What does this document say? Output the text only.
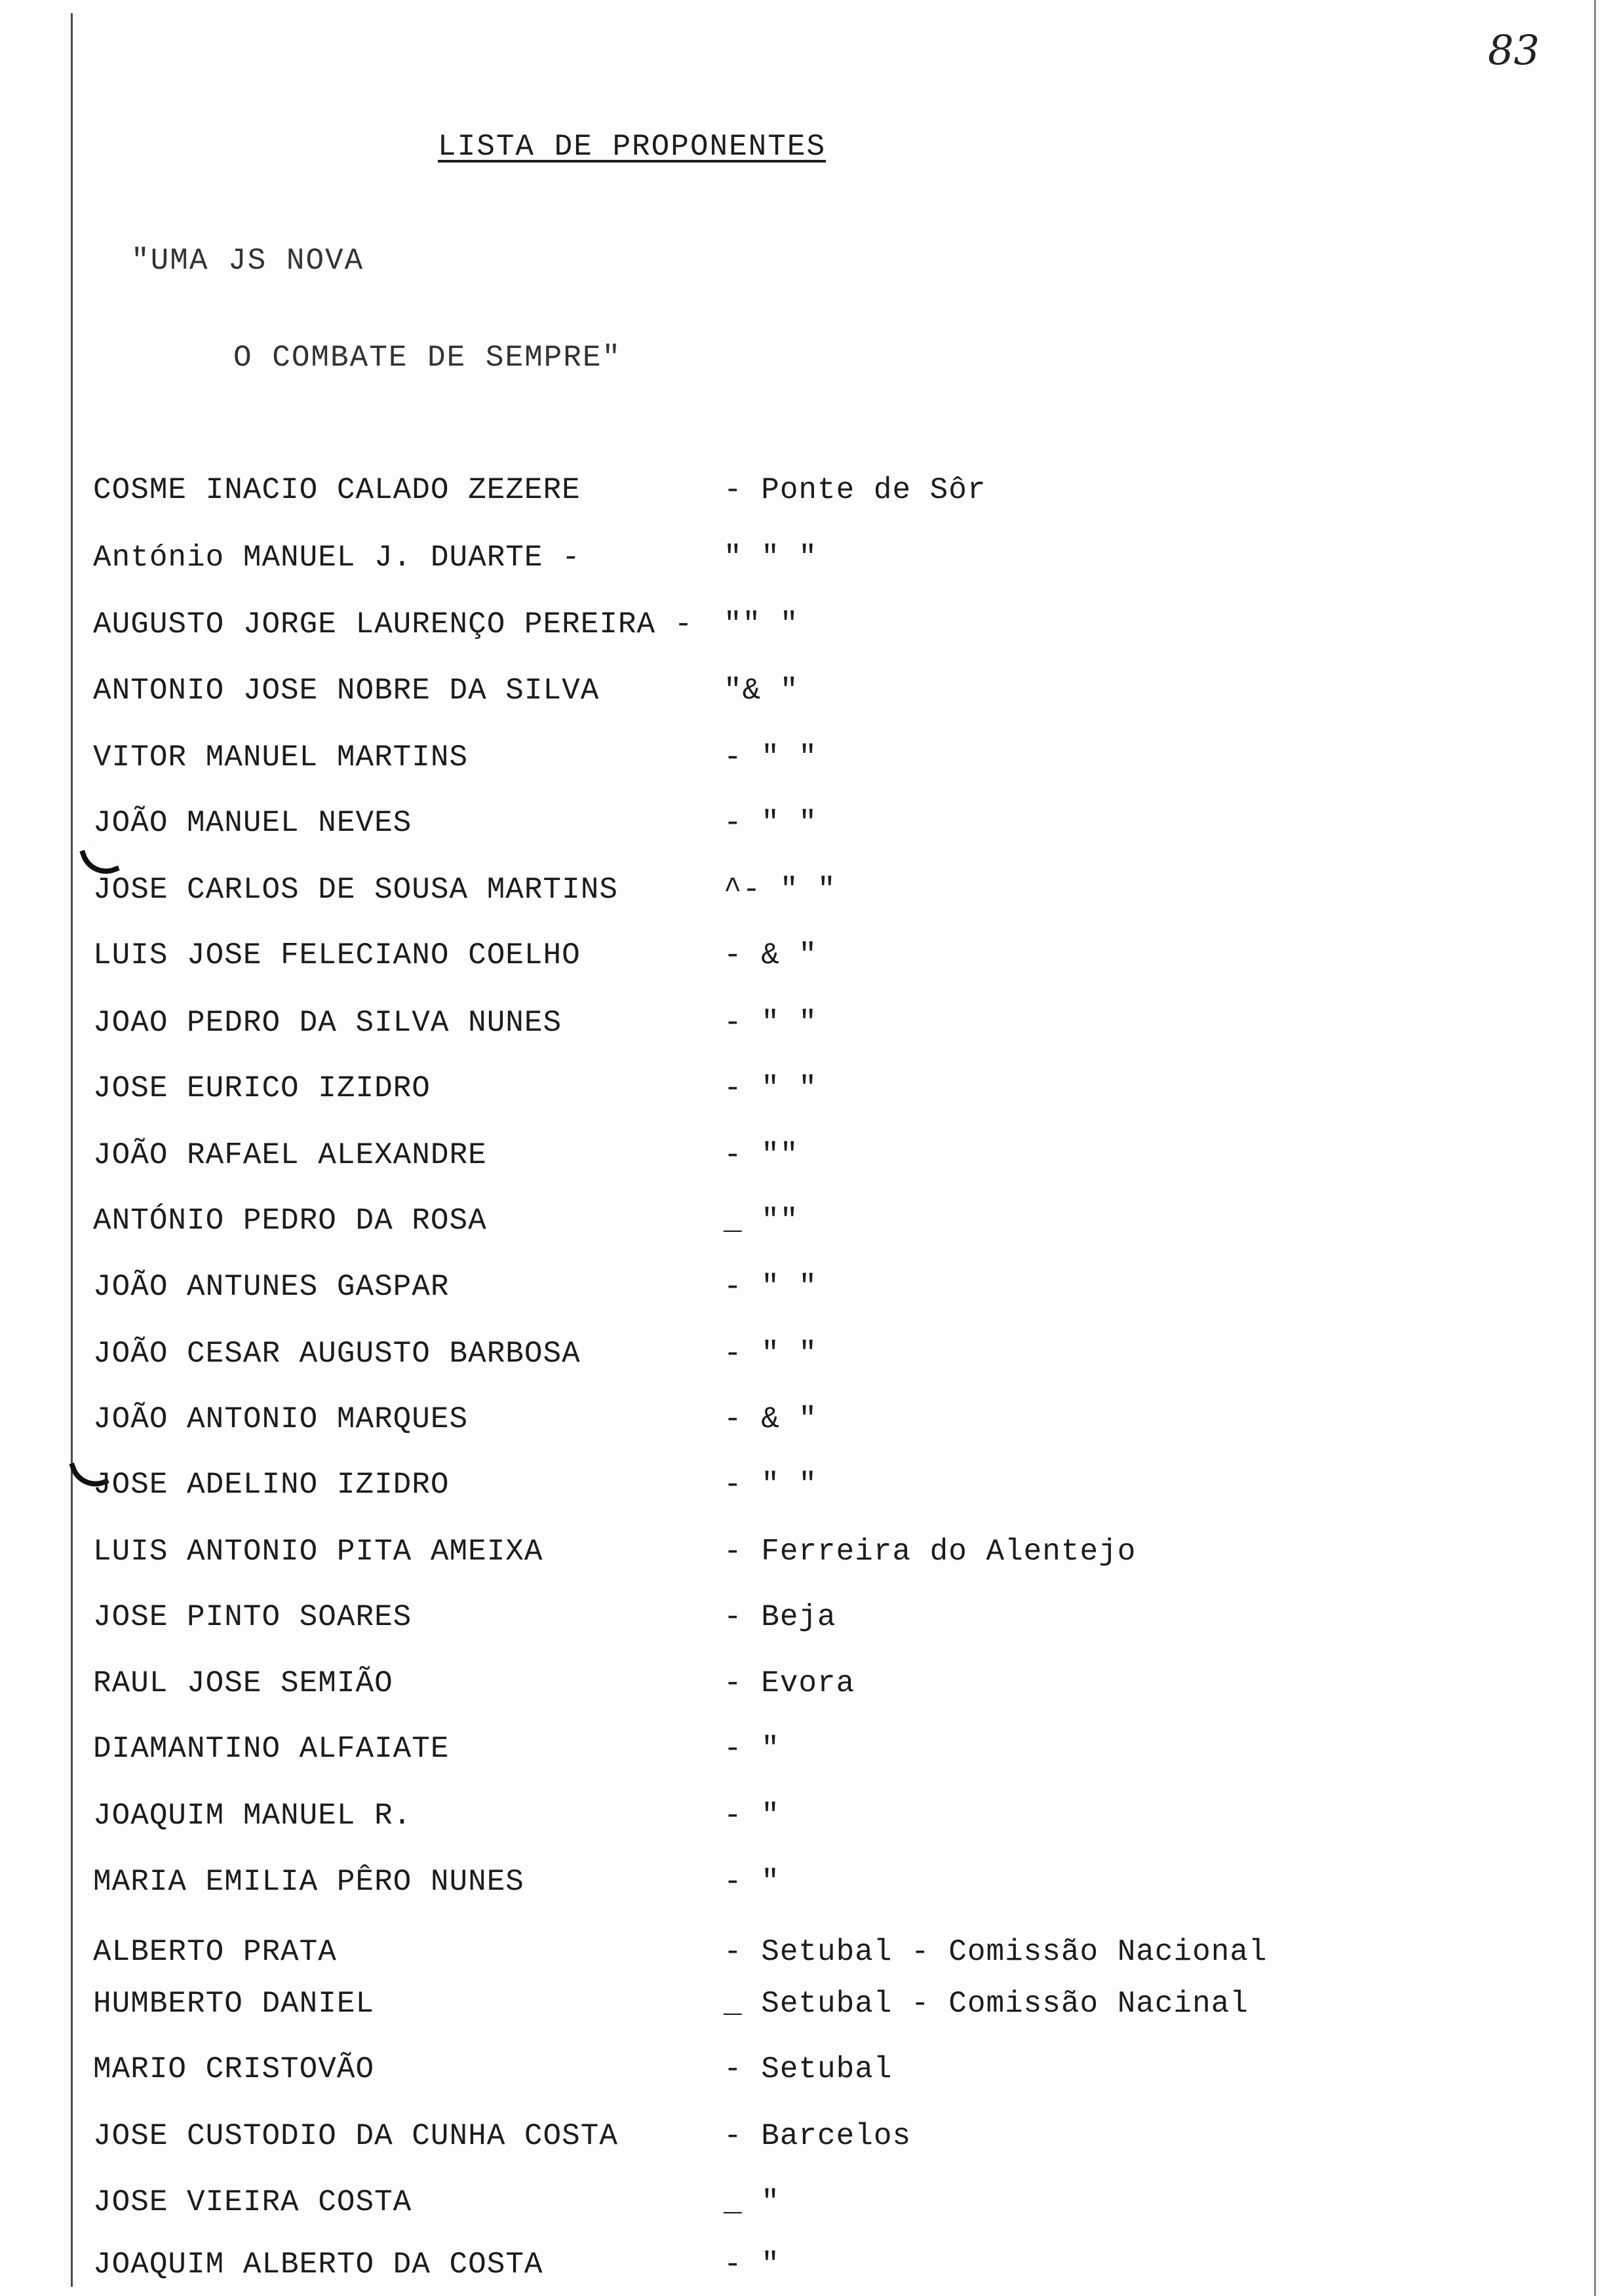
83
LISTA DE PROPONENTES
"UMA JS NOVA
O COMBATE DE SEMPRE"
COSME INACIO CALADO ZEZERE	- Ponte de Sôr
António MANUEL J. DUARTE -	" " "
AUGUSTO JORGE LAURENÇO PEREIRA - "" "
ANTONIO JOSE NOBRE DA SILVA	"& "
VITOR MANUEL MARTINS	- " "
JOÃO MANUEL NEVES	- " "
JOSE CARLOS DE SOUSA MARTINS	^- " "
LUIS JOSE FELECIANO COELHO	- & "
JOAO PEDRO DA SILVA NUNES	- " "
JOSE EURICO IZIDRO	- " "
JOÃO RAFAEL ALEXANDRE	- ""
ANTÓNIO PEDRO DA ROSA	_ ""
JOÃO ANTUNES GASPAR	- " "
JOÃO CESAR AUGUSTO BARBOSA	- " "
JOÃO ANTONIO MARQUES	- & "
JOSE ADELINO IZIDRO	- " "
LUIS ANTONIO PITA AMEIXA	- Ferreira do Alentejo
JOSE PINTO SOARES	- Beja
RAUL JOSE SEMIÃO	- Evora
DIAMANTINO ALFAIATE	- "
JOAQUIM MANUEL R.	- "
MARIA EMILIA PÊRO NUNES	- "
ALBERTO PRATA	- Setubal - Comissão Nacional
HUMBERTO DANIEL	_ Setubal - Comissão Nacinal
MARIO CRISTOVÃO	- Setubal
JOSE CUSTODIO DA CUNHA COSTA	- Barcelos
JOSE VIEIRA COSTA	_ "
JOAQUIM ALBERTO DA COSTA	- "
